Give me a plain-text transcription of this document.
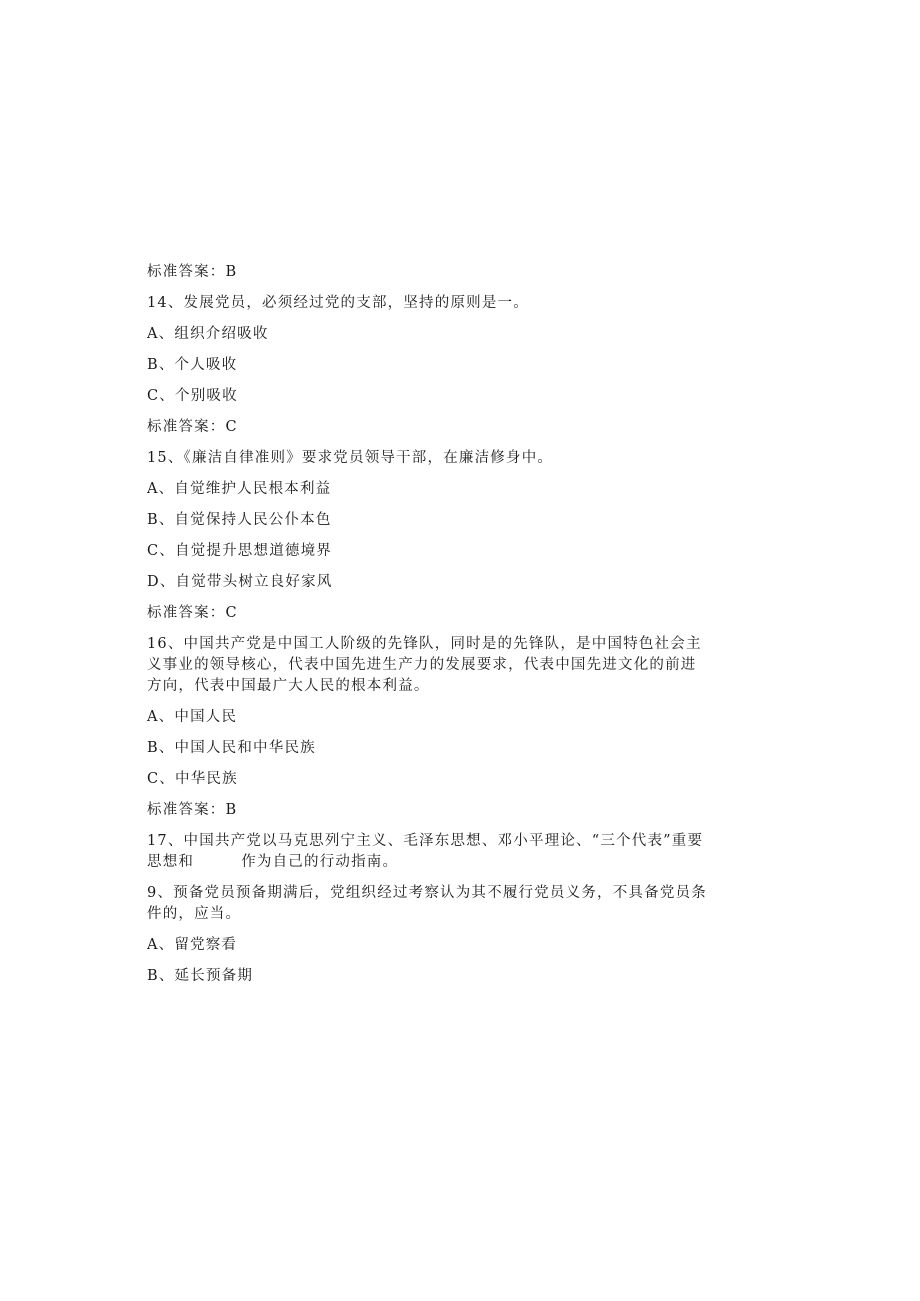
标准答案：B

14、发展党员，必须经过党的支部，坚持的原则是一。

A、组织介绍吸收

B、个人吸收

C、个别吸收

标准答案：C

15、《廉洁自律准则》要求党员领导干部，在廉洁修身中。

A、自觉维护人民根本利益

B、自觉保持人民公仆本色

C、自觉提升思想道德境界

D、自觉带头树立良好家风

标准答案：C

16、中国共产党是中国工人阶级的先锋队，同时是的先锋队，是中国特色社会主义事业的领导核心，代表中国先进生产力的发展要求，代表中国先进文化的前进方向，代表中国最广大人民的根本利益。

A、中国人民

B、中国人民和中华民族

C、中华民族

标准答案：B

17、中国共产党以马克思列宁主义、毛泽东思想、邓小平理论、“三个代表”重要思想和　　　作为自己的行动指南。

9、预备党员预备期满后，党组织经过考察认为其不履行党员义务，不具备党员条件的，应当。

A、留党察看

B、延长预备期
